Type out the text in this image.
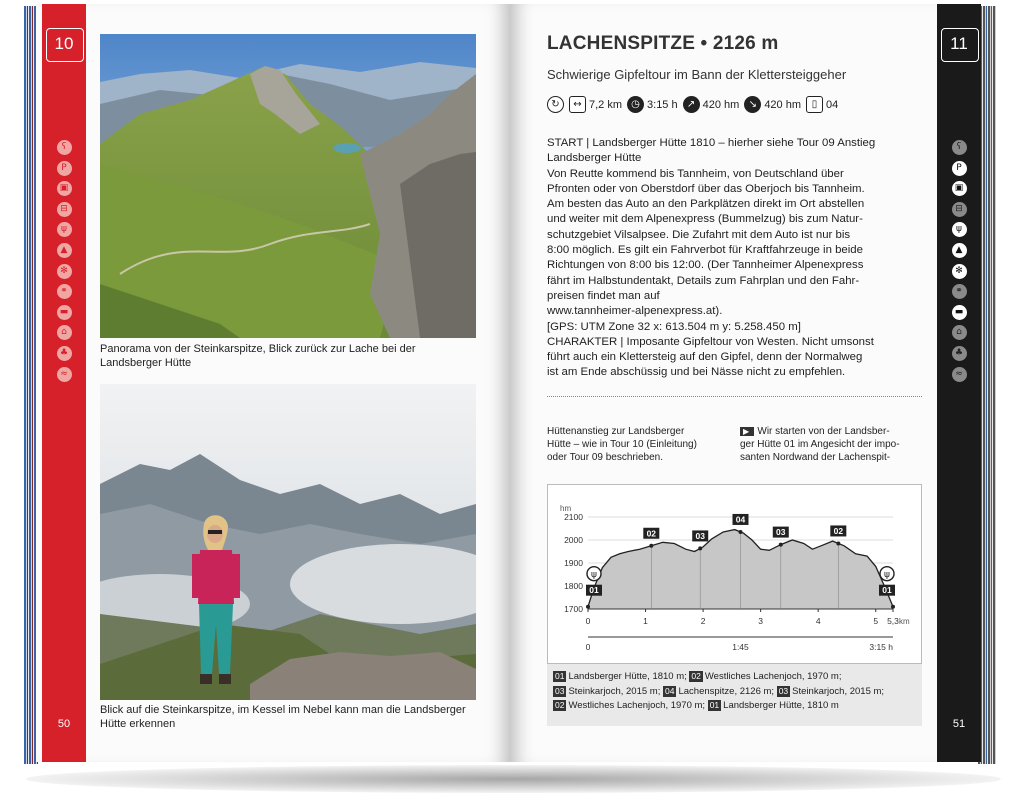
10
ʕ
P
▣
⊟
ψ
▲
✻
⚭
▬
⌂
♣
≈
50
Panorama von der Steinkarspitze, Blick zurück zur Lache bei der Landsberger Hütte
Blick auf die Steinkarspitze, im Kessel im Nebel kann man die Landsberger Hütte erkennen
11
ʕ
P
▣
⊟
ψ
▲
✻
⚭
▬
⌂
♣
≈
51
LACHENSPITZE • 2126 m
Schwierige Gipfeltour im Bann der Klettersteiggeher
↻	↔ 7,2 km ◷ 3:15 h ↗ 420 hm ↘ 420 hm	▯ 04
START | Landsberger Hütte 1810 – hierher siehe Tour 09 Anstieg
Landsberger Hütte
Von Reutte kommend bis Tannheim, von Deutschland über
Pfronten oder von Oberstdorf über das Oberjoch bis Tannheim.
Am besten das Auto an den Parkplätzen direkt im Ort abstellen
und weiter mit dem Alpenexpress (Bummelzug) bis zum Natur-
schutzgebiet Vilsalpsee. Die Zufahrt mit dem Auto ist nur bis
8:00 möglich. Es gilt ein Fahrverbot für Kraftfahrzeuge in beide
Richtungen von 8:00 bis 12:00. (Der Tannheimer Alpenexpress
fährt im Halbstundentakt, Details zum Fahrplan und den Fahr-
preisen findet man auf
www.tannheimer-alpenexpress.at).
[GPS: UTM Zone 32 x: 613.504 m y: 5.258.450 m]
CHARAKTER | Imposante Gipfeltour von Westen. Nicht umsonst
führt auch ein Klettersteig auf den Gipfel, denn der Normalweg
ist am Ende abschüssig und bei Nässe nicht zu empfehlen.
Hüttenanstieg zur Landsberger
Hütte – wie in Tour 10 (Einleitung)
oder Tour 09 beschrieben.
▶ Wir starten von der Landsber-
ger Hütte 01 im Angesicht der impo-
santen Nordwand der Lachenspit-
2100
2000
1900
1800
1700
hm
0	1	2	3	4	5 5,3 km
0	1:45	3:15 h
01
ψ
02	03
04
03	02
01
ψ
01 Landsberger Hütte, 1810 m; 02 Westliches Lachenjoch, 1970 m;
03 Steinkarjoch, 2015 m; 04 Lachenspitze, 2126 m; 03 Steinkarjoch, 2015 m;
02 Westliches Lachenjoch, 1970 m; 01 Landsberger Hütte, 1810 m
